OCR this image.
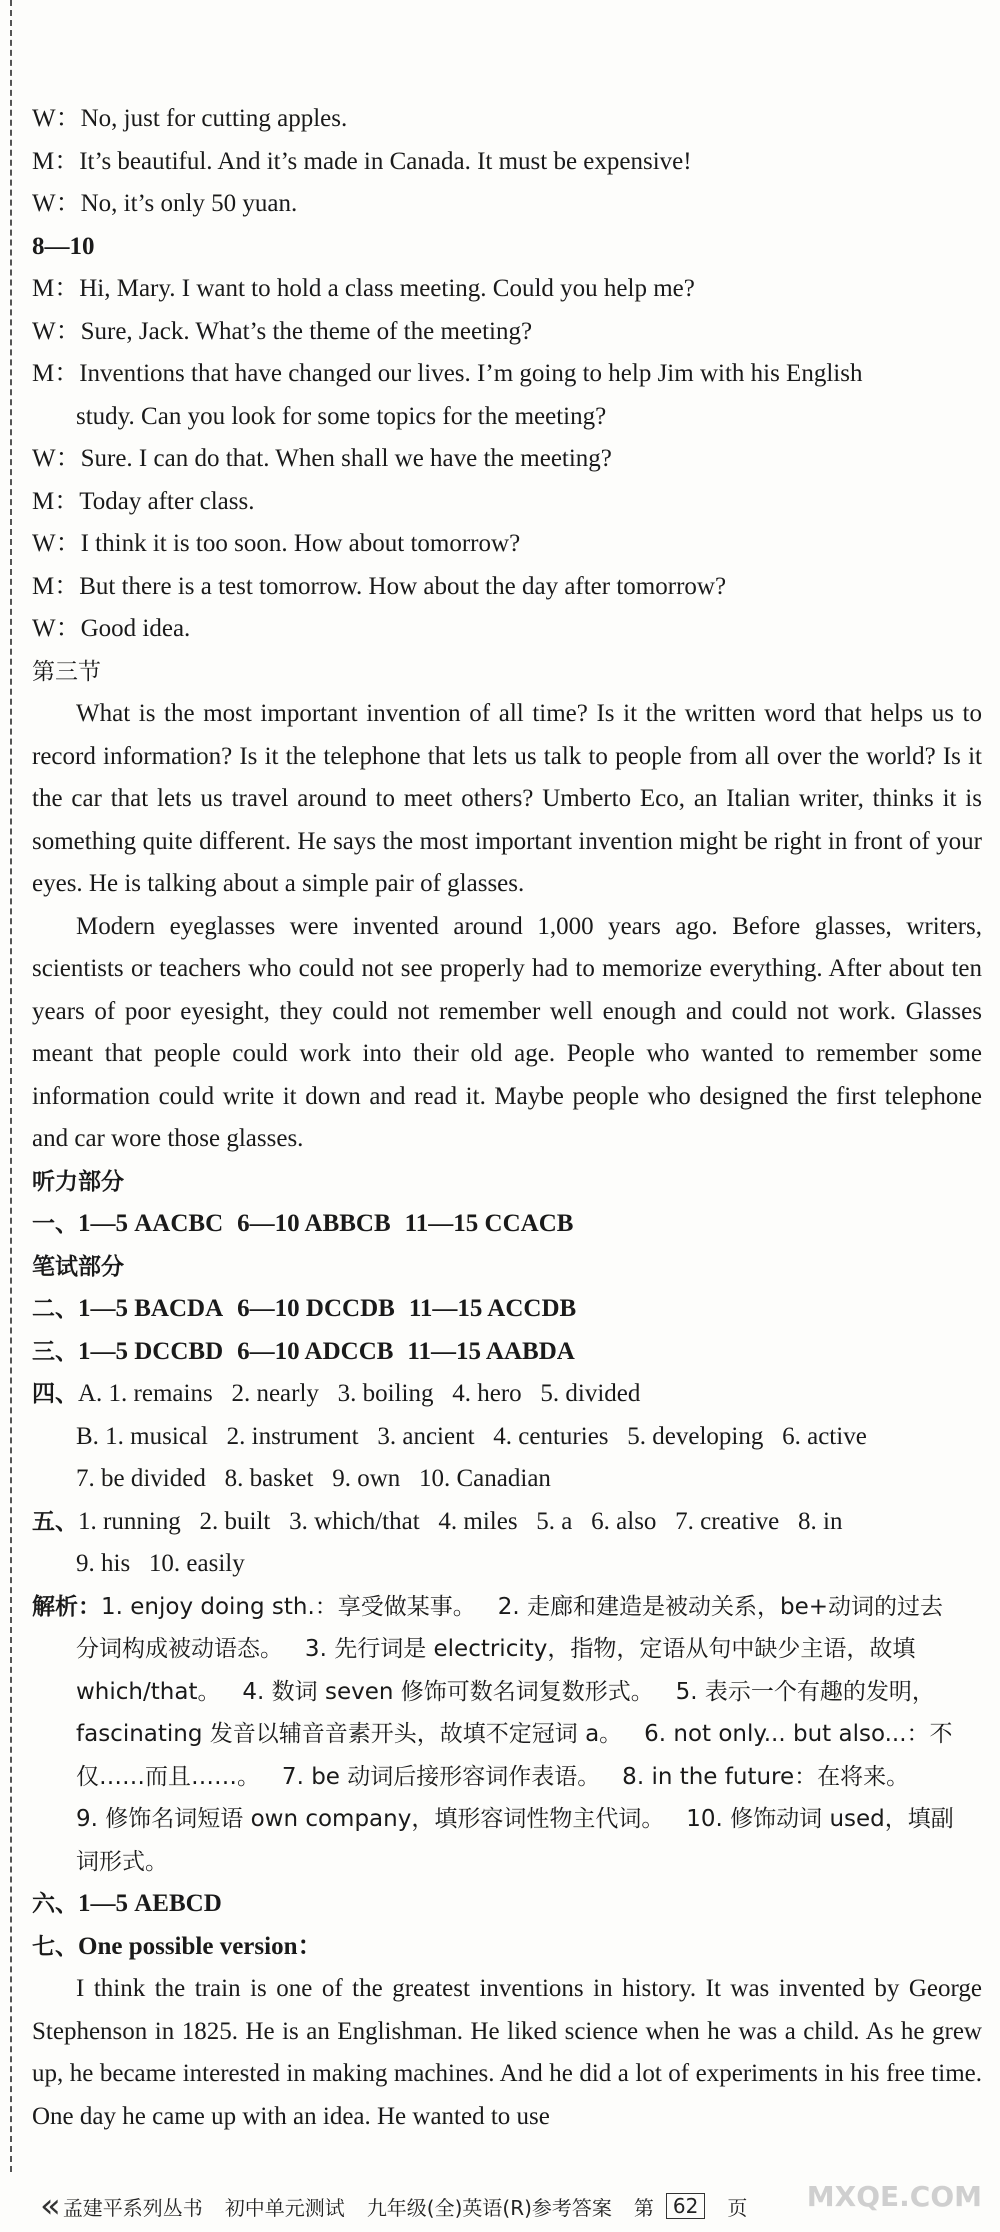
W：No, just for cutting apples.
M：It’s beautiful. And it’s made in Canada. It must be expensive!
W：No, it’s only 50 yuan.
8—10
M：Hi, Mary. I want to hold a class meeting. Could you help me?
W：Sure, Jack. What’s the theme of the meeting?
M：Inventions that have changed our lives. I’m going to help Jim with his English
study. Can you look for some topics for the meeting?
W：Sure. I can do that. When shall we have the meeting?
M：Today after class.
W：I think it is too soon. How about tomorrow?
M：But there is a test tomorrow. How about the day after tomorrow?
W：Good idea.
第三节
What is the most important invention of all time? Is it the written word that helps us to record information? Is it the telephone that lets us talk to people from all over the world? Is it the car that lets us travel around to meet others? Umberto Eco, an Italian writer, thinks it is something quite different. He says the most important invention might be right in front of your eyes. He is talking about a simple pair of glasses.
Modern eyeglasses were invented around 1,000 years ago. Before glasses, writers, scientists or teachers who could not see properly had to memorize everything. After about ten years of poor eyesight, they could not remember well enough and could not work. Glasses meant that people could work into their old age. People who wanted to remember some information could write it down and read it. Maybe people who designed the first telephone and car wore those glasses.
听力部分
一、1—5 AACBC 6—10 ABBCB 11—15 CCACB
笔试部分
二、1—5 BACDA 6—10 DCCDB 11—15 ACCDB
三、1—5 DCCBD 6—10 ADCCB 11—15 AABDA
四、A. 1. remains   2. nearly   3. boiling   4. hero   5. divided
B. 1. musical   2. instrument   3. ancient   4. centuries   5. developing   6. active
7. be divided   8. basket   9. own   10. Canadian
五、1. running   2. built   3. which/that   4. miles   5. a   6. also   7. creative   8. in
9. his   10. easily
解析：1. enjoy doing sth.：享受做某事。   2. 走廊和建造是被动关系，be+动词的过去
分词构成被动语态。   3. 先行词是 electricity，指物，定语从句中缺少主语，故填
which/that。   4. 数词 seven 修饰可数名词复数形式。   5. 表示一个有趣的发明，
fascinating 发音以辅音音素开头，故填不定冠词 a。   6. not only... but also...：不
仅……而且……。   7. be 动词后接形容词作表语。   8. in the future：在将来。
9. 修饰名词短语 own company，填形容词性物主代词。   10. 修饰动词 used，填副
词形式。
六、1—5 AEBCD
七、One possible version：
I think the train is one of the greatest inventions in history. It was invented by George Stephenson in 1825. He is an Englishman. He liked science when he was a child. As he grew up, he became interested in making machines. And he did a lot of experiments in his free time. One day he came up with an idea. He wanted to use
« 孟建平系列丛书 初中单元测试 九年级(全)英语(R)参考答案 第 62	页 MXQE.COM
